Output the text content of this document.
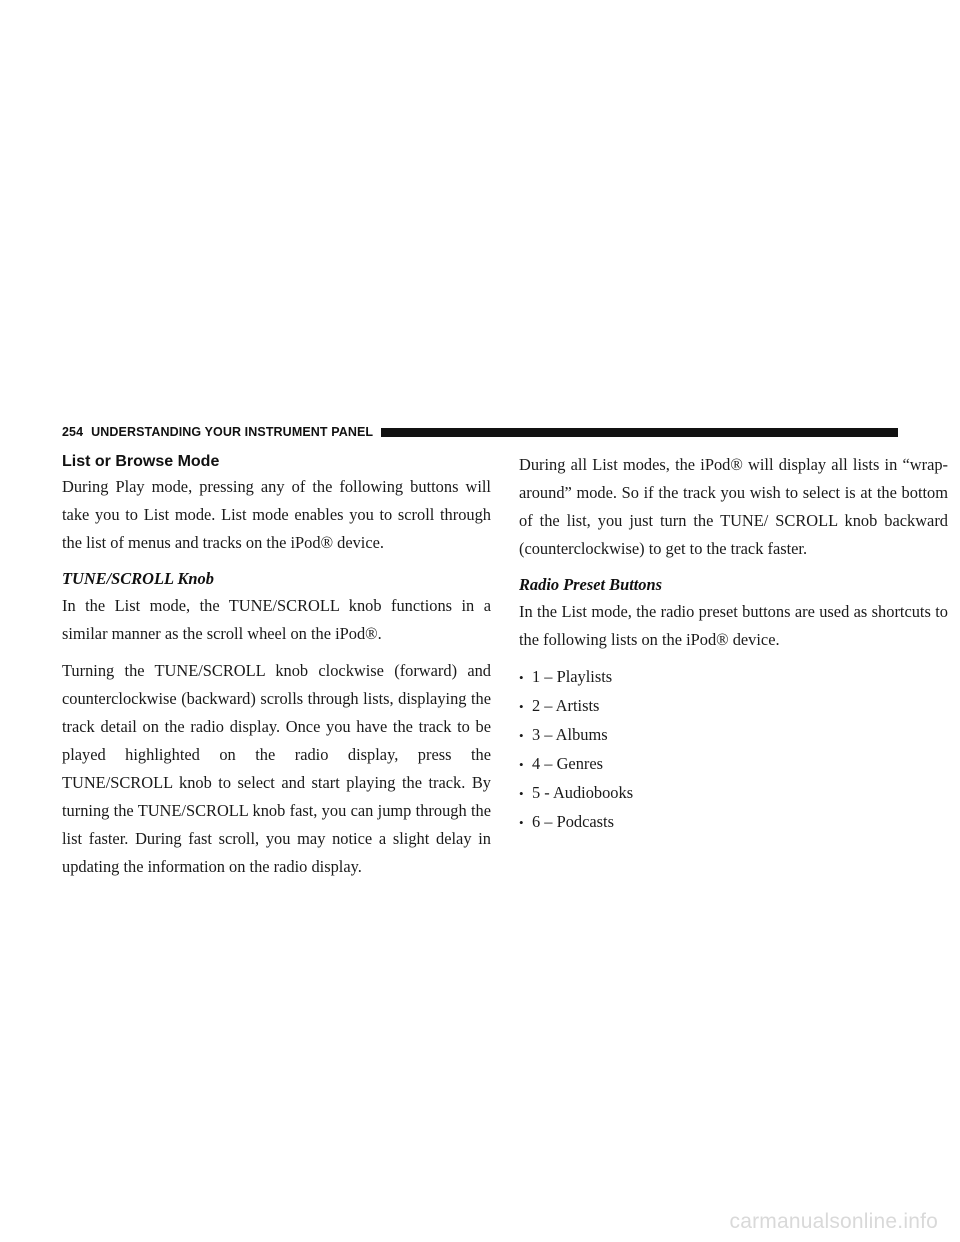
254 UNDERSTANDING YOUR INSTRUMENT PANEL
List or Browse Mode

During Play mode, pressing any of the following buttons will take you to List mode. List mode enables you to scroll through the list of menus and tracks on the iPod® device.

TUNE/SCROLL Knob

In the List mode, the TUNE/SCROLL knob functions in a similar manner as the scroll wheel on the iPod®.

Turning the TUNE/SCROLL knob clockwise (forward) and counterclockwise (backward) scrolls through lists, displaying the track detail on the radio display. Once you have the track to be played highlighted on the radio display, press the TUNE/SCROLL knob to select and start playing the track. By turning the TUNE/SCROLL knob fast, you can jump through the list faster. During fast scroll, you may notice a slight delay in updating the information on the radio display.

During all List modes, the iPod® will display all lists in “wrap-around” mode. So if the track you wish to select is at the bottom of the list, you just turn the TUNE/ SCROLL knob backward (counterclockwise) to get to the track faster.

Radio Preset Buttons

In the List mode, the radio preset buttons are used as shortcuts to the following lists on the iPod® device.

• 1 – Playlists
• 2 – Artists
• 3 – Albums
• 4 – Genres
• 5 - Audiobooks
• 6 – Podcasts
carmanualsonline.info
